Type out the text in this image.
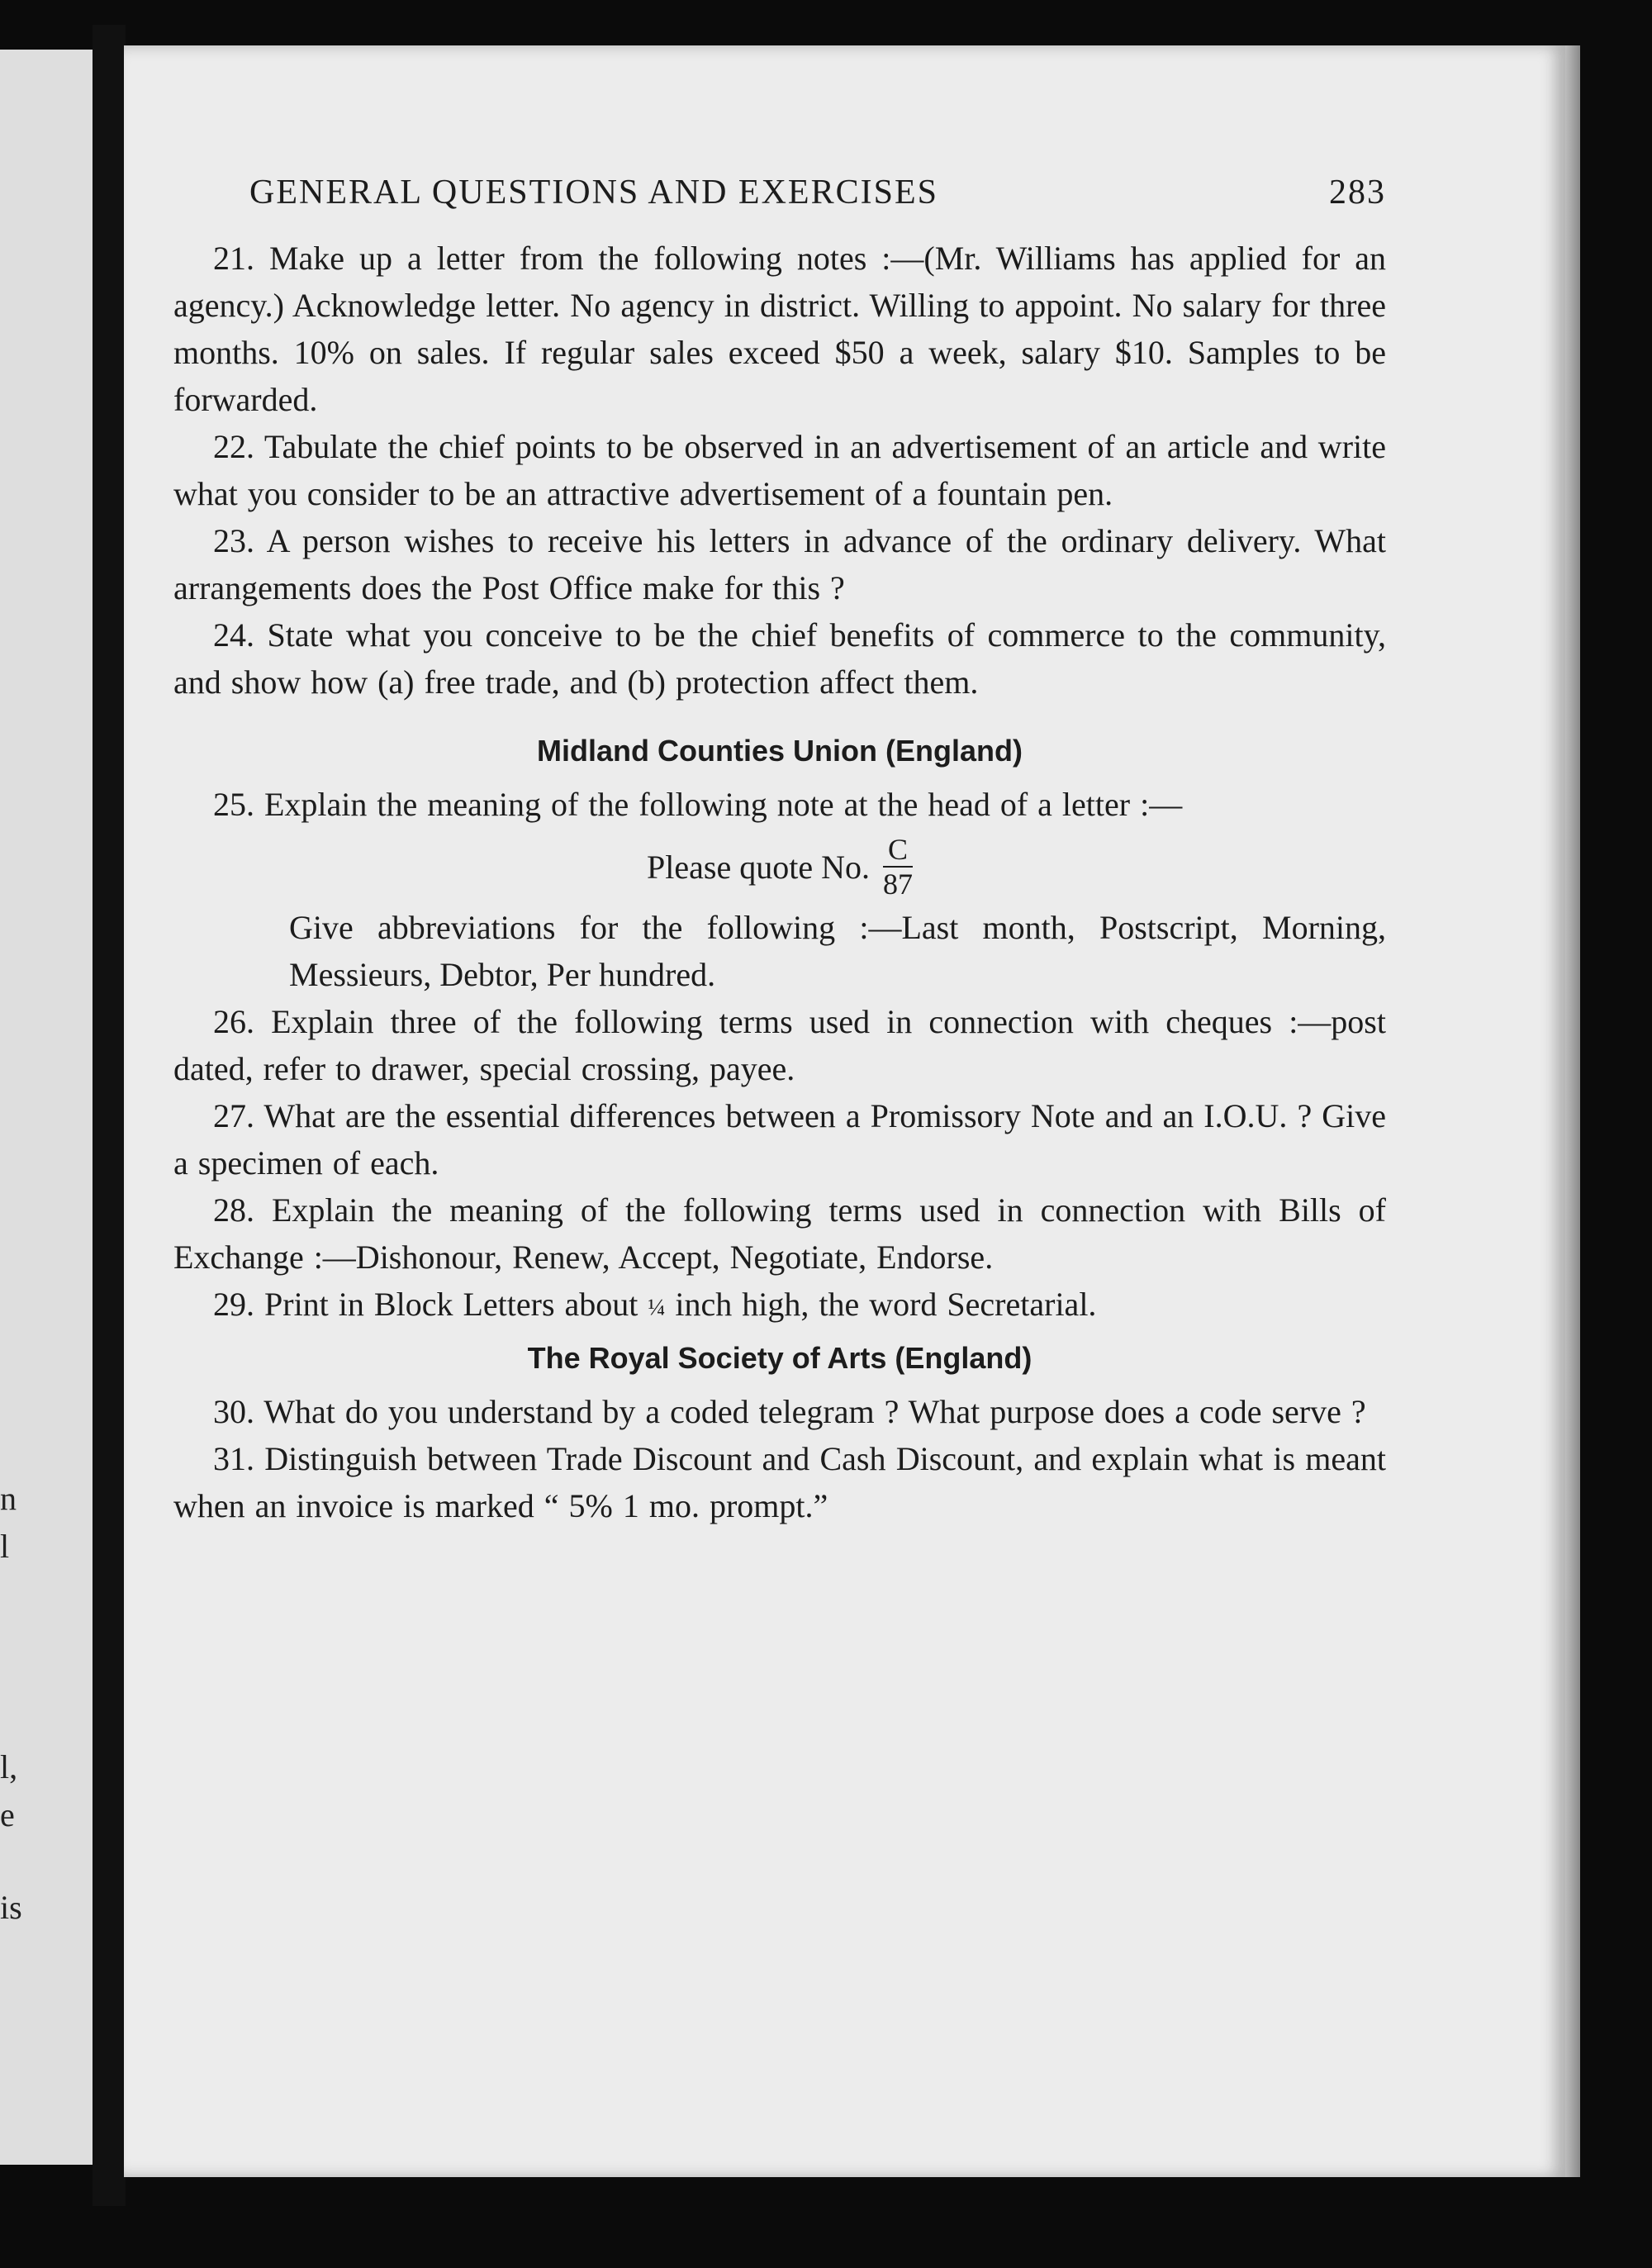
n
l
l,
e
is
GENERAL QUESTIONS AND EXERCISES	283

21. Make up a letter from the following notes :—(Mr. Williams has applied for an agency.) Acknowledge letter. No agency in district. Willing to appoint. No salary for three months. 10% on sales. If regular sales exceed $50 a week, salary $10. Samples to be forwarded.

22. Tabulate the chief points to be observed in an advertisement of an article and write what you consider to be an attractive advertisement of a fountain pen.

23. A person wishes to receive his letters in advance of the ordinary delivery. What arrangements does the Post Office make for this ?

24. State what you conceive to be the chief benefits of commerce to the community, and show how (a) free trade, and (b) protection affect them.

Midland Counties Union (England)

25. Explain the meaning of the following note at the head of a letter :—

Please quote No. $\frac{C}{87}$
Give abbreviations for the following :—Last month, Postscript, Morning, Messieurs, Debtor, Per hundred.

26. Explain three of the following terms used in connection with cheques :—post dated, refer to drawer, special crossing, payee.

27. What are the essential differences between a Promissory Note and an I.O.U. ? Give a specimen of each.

28. Explain the meaning of the following terms used in connection with Bills of Exchange :—Dishonour, Renew, Accept, Negotiate, Endorse.

29. Print in Block Letters about ¼ inch high, the word Secretarial.

The Royal Society of Arts (England)

30. What do you understand by a coded telegram ? What purpose does a code serve ?

31. Distinguish between Trade Discount and Cash Discount, and explain what is meant when an invoice is marked “ 5% 1 mo. prompt.”
